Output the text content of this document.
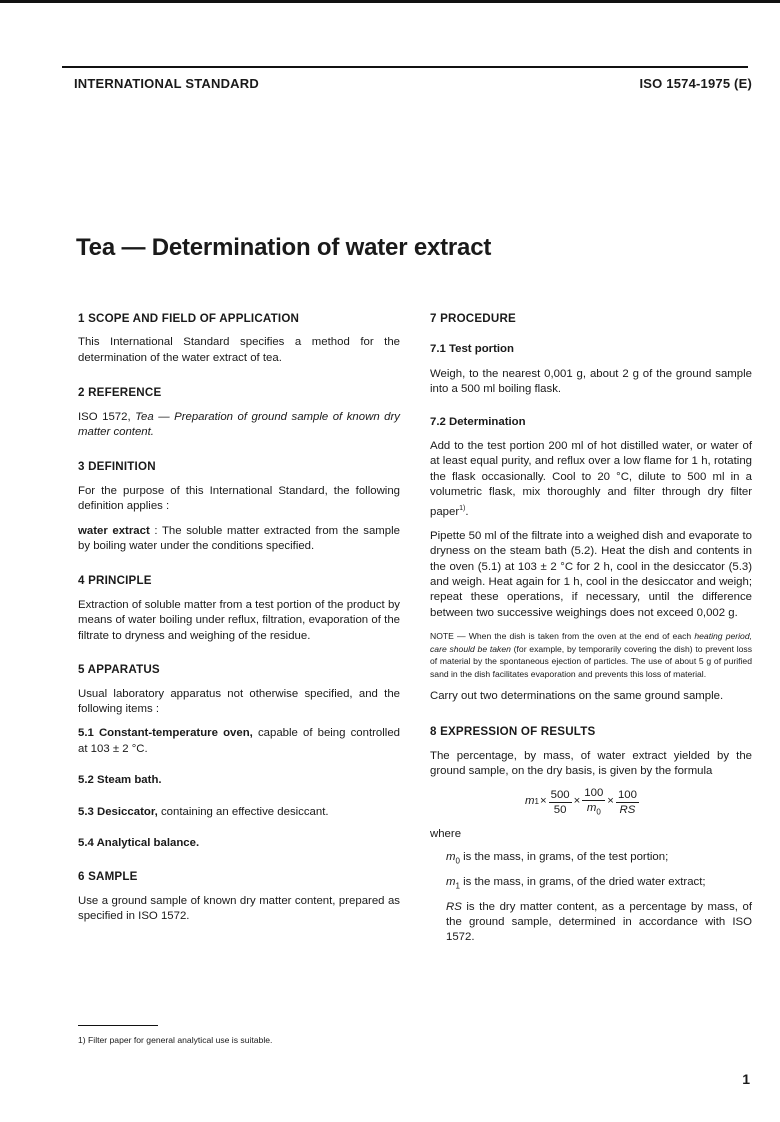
INTERNATIONAL STANDARD	ISO 1574-1975 (E)
Tea — Determination of water extract
1 SCOPE AND FIELD OF APPLICATION

This International Standard specifies a method for the determination of the water extract of tea.

2 REFERENCE

ISO 1572, Tea — Preparation of ground sample of known dry matter content.

3 DEFINITION

For the purpose of this International Standard, the following definition applies :

water extract : The soluble matter extracted from the sample by boiling water under the conditions specified.

4 PRINCIPLE

Extraction of soluble matter from a test portion of the product by means of water boiling under reflux, filtration, evaporation of the filtrate to dryness and weighing of the residue.

5 APPARATUS

Usual laboratory apparatus not otherwise specified, and the following items :

5.1 Constant-temperature oven, capable of being controlled at 103 ± 2 °C.

5.2 Steam bath.

5.3 Desiccator, containing an effective desiccant.

5.4 Analytical balance.

6 SAMPLE

Use a ground sample of known dry matter content, prepared as specified in ISO 1572.

7 PROCEDURE
7.1 Test portion

Weigh, to the nearest 0,001 g, about 2 g of the ground sample into a 500 ml boiling flask.

7.2 Determination

Add to the test portion 200 ml of hot distilled water, or water of at least equal purity, and reflux over a low flame for 1 h, rotating the flask occasionally. Cool to 20 °C, dilute to 500 ml in a volumetric flask, mix thoroughly and filter through dry filter paper$^{1)}$.

Pipette 50 ml of the filtrate into a weighed dish and evaporate to dryness on the steam bath (5.2). Heat the dish and contents in the oven (5.1) at 103 ± 2 °C for 2 h, cool in the desiccator (5.3) and weigh. Heat again for 1 h, cool in the desiccator and weigh; repeat these operations, if necessary, until the difference between two successive weighings does not exceed 0,002 g.

NOTE — When the dish is taken from the oven at the end of each heating period, care should be taken (for example, by temporarily covering the dish) to prevent loss of material by the spontaneous ejection of particles. The use of about 5 g of purified sand in the dish facilitates evaporation and prevents this loss of material.

Carry out two determinations on the same ground sample.

8 EXPRESSION OF RESULTS

The percentage, by mass, of water extract yielded by the ground sample, on the dry basis, is given by the formula

m $1 \times \frac{500}{50} \times \frac{100}{m_0} \times \frac{100}{RS}$

where

$m_0$ is the mass, in grams, of the test portion;

$m_1$ is the mass, in grams, of the dried water extract;

RS is the dry matter content, as a percentage by mass, of the ground sample, determined in accordance with ISO 1572.

1) Filter paper for general analytical use is suitable.
1
